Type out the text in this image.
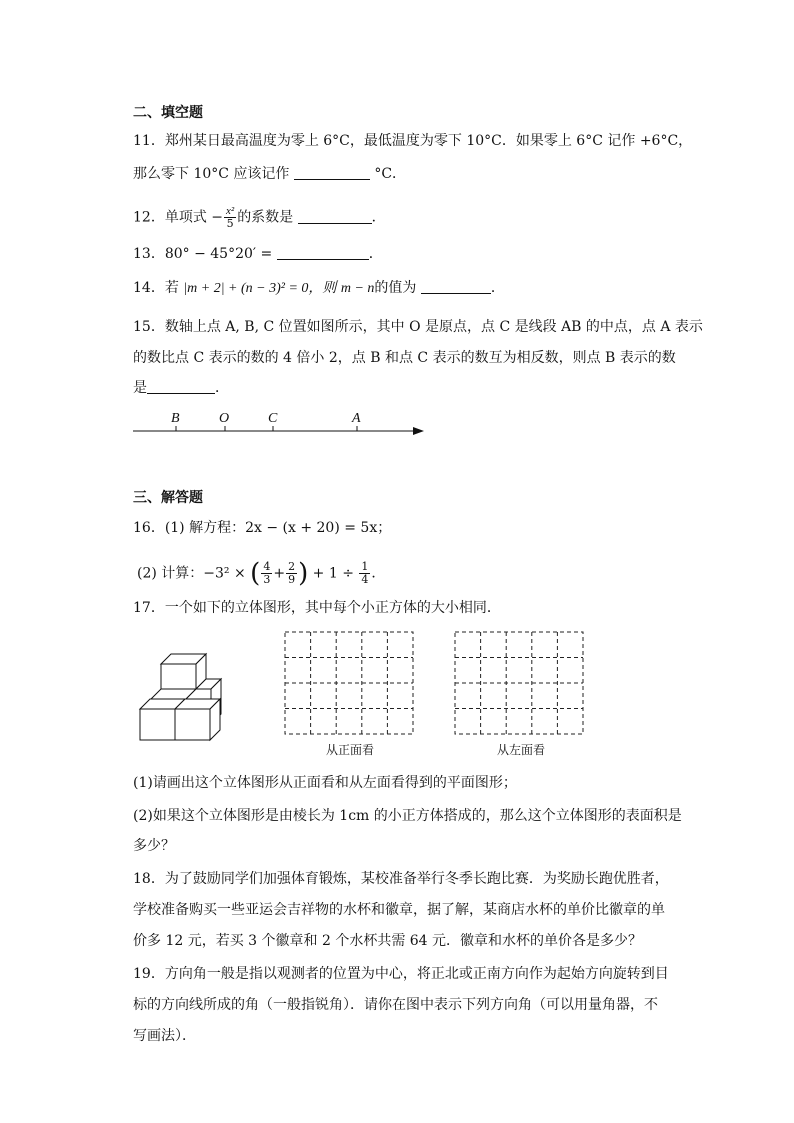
二、填空题
11．郑州某日最高温度为零上 6°C，最低温度为零下 10°C．如果零上 6°C 记作 +6°C，
那么零下 10°C 应该记作	°C．
12．单项式 − $\frac{\text{x²}}{5}$ 的系数是	．
13．80° − 45°20′ =	．
14．若 |m + 2| + (n − 3)² = 0，则 m − n的值为	．
15．数轴上点 A, B, C 位置如图所示，其中 O 是原点，点 C 是线段 AB 的中点，点 A 表示
的数比点 C 表示的数的 4 倍小 2，点 B 和点 C 表示的数互为相反数，则点 B 表示的数
是	．
B	O	C	A
三、解答题
16．(1) 解方程：2x − (x + 20) = 5x；
(2) 计算：−3² × ( $\frac{4}{3} + \frac{2}{9}$ ) + $1 \div \frac{1}{4}$ ．
17．一个如下的立体图形，其中每个小正方体的大小相同．
从正面看	从左面看
(1)请画出这个立体图形从正面看和从左面看得到的平面图形；
(2)如果这个立体图形是由棱长为 1cm 的小正方体搭成的，那么这个立体图形的表面积是
多少？
18．为了鼓励同学们加强体育锻炼，某校准备举行冬季长跑比赛．为奖励长跑优胜者，
学校准备购买一些亚运会吉祥物的水杯和徽章，据了解，某商店水杯的单价比徽章的单
价多 12 元，若买 3 个徽章和 2 个水杯共需 64 元．徽章和水杯的单价各是多少？
19．方向角一般是指以观测者的位置为中心，将正北或正南方向作为起始方向旋转到目
标的方向线所成的角（一般指锐角）．请你在图中表示下列方向角（可以用量角器，不
写画法）．
